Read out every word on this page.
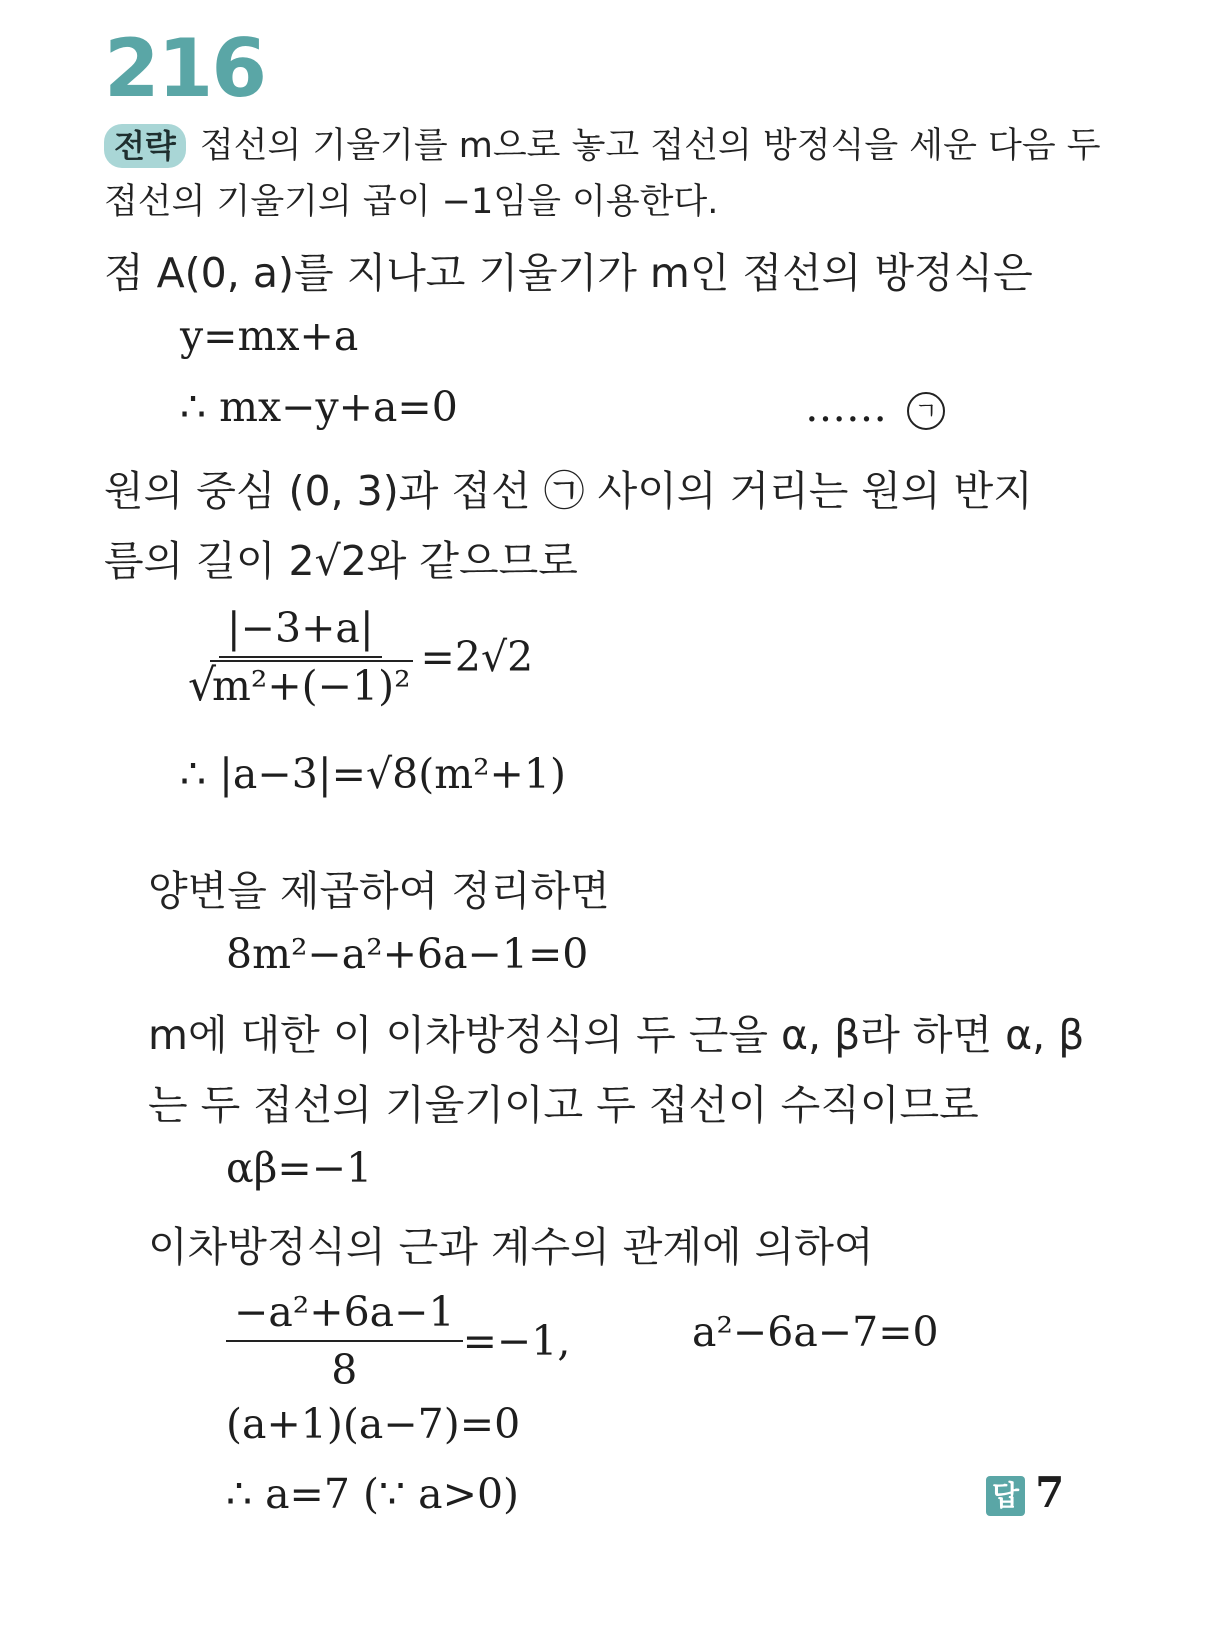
216
전략 접선의 기울기를 m으로 놓고 접선의 방정식을 세운 다음 두 접선의 기울기의 곱이 −1임을 이용한다.
점 A(0, a)를 지나고 기울기가 m인 접선의 방정식은
y=mx+a
∴ mx−y+a=0	……	ㄱ
원의 중심 (0, 3)과 접선 ㉠ 사이의 거리는 원의 반지
름의 길이 2√2와 같으므로
|−3+a|
√ m²+(−1)² =2√2
∴ |a−3|=√8(m²+1)
양변을 제곱하여 정리하면
8m²−a²+6a−1=0
m에 대한 이 이차방정식의 두 근을 α, β라 하면 α, β
는 두 접선의 기울기이고 두 접선이 수직이므로
αβ=−1
이차방정식의 근과 계수의 관계에 의하여
$\frac{\text{−a²+6a−1}}{8} =-1$,	a²−6a−7=0
(a+1)(a−7)=0
∴ a=7 (∵ a>0)	답 7
